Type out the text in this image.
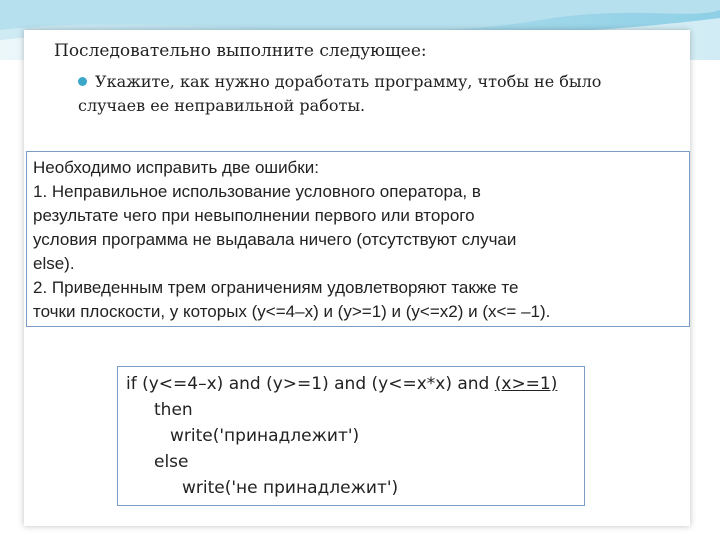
Последовательно выполните следующее:
Укажите, как нужно доработать программу, чтобы не было
случаев ее неправильной работы.
Необходимо исправить две ошибки:
1. Неправильное использование условного оператора, в
результате чего при невыполнении первого или второго
условия программа не выдавала ничего (отсутствуют случаи
else).
2. Приведенным трем ограничениям удовлетворяют также те
точки плоскости, у которых (y<=4–x) и (y>=1) и (y<=x2) и (x<= –1).
if (y<=4–x) and (y>=1) and (y<=x*x) and (x>=1)
then
write('принадлежит')
else
write('не принадлежит')
